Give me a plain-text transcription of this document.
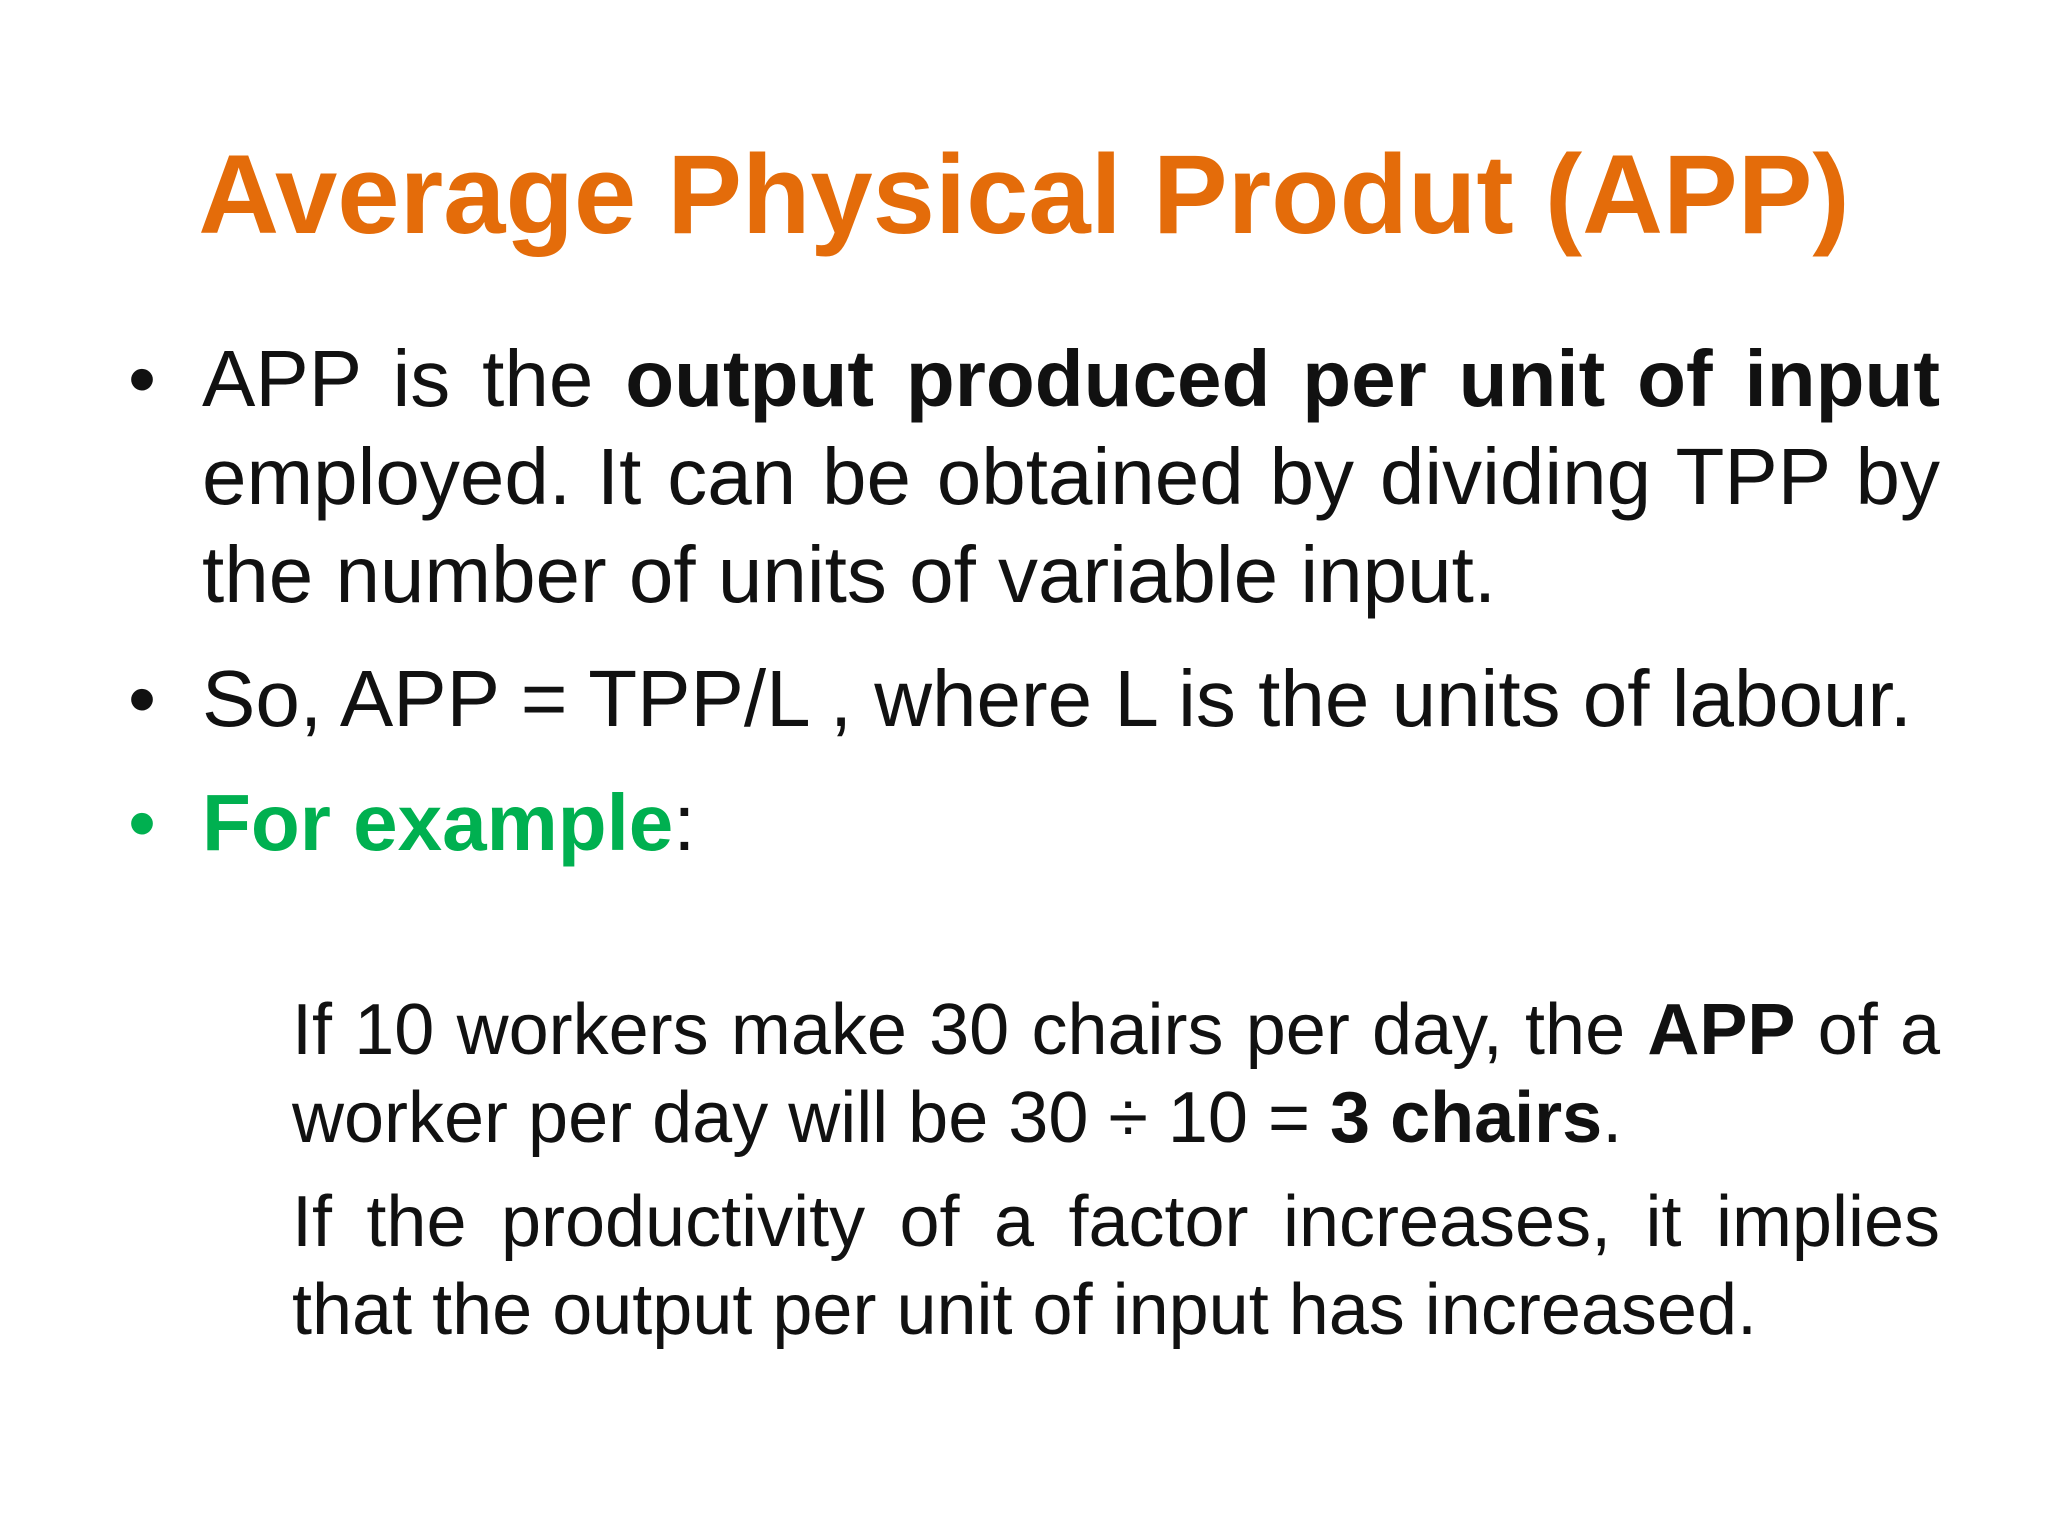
Average Physical Produt (APP)
• APP is the output produced per unit of input employed. It can be obtained by dividing TPP by the number of units of variable input.
• So, APP = TPP/L , where L is the units of labour.
• For example:

If 10 workers make 30 chairs per day, the APP of a worker per day will be 30 ÷ 10 = 3 chairs.

If the productivity of a factor increases, it implies that the output per unit of input has increased.
